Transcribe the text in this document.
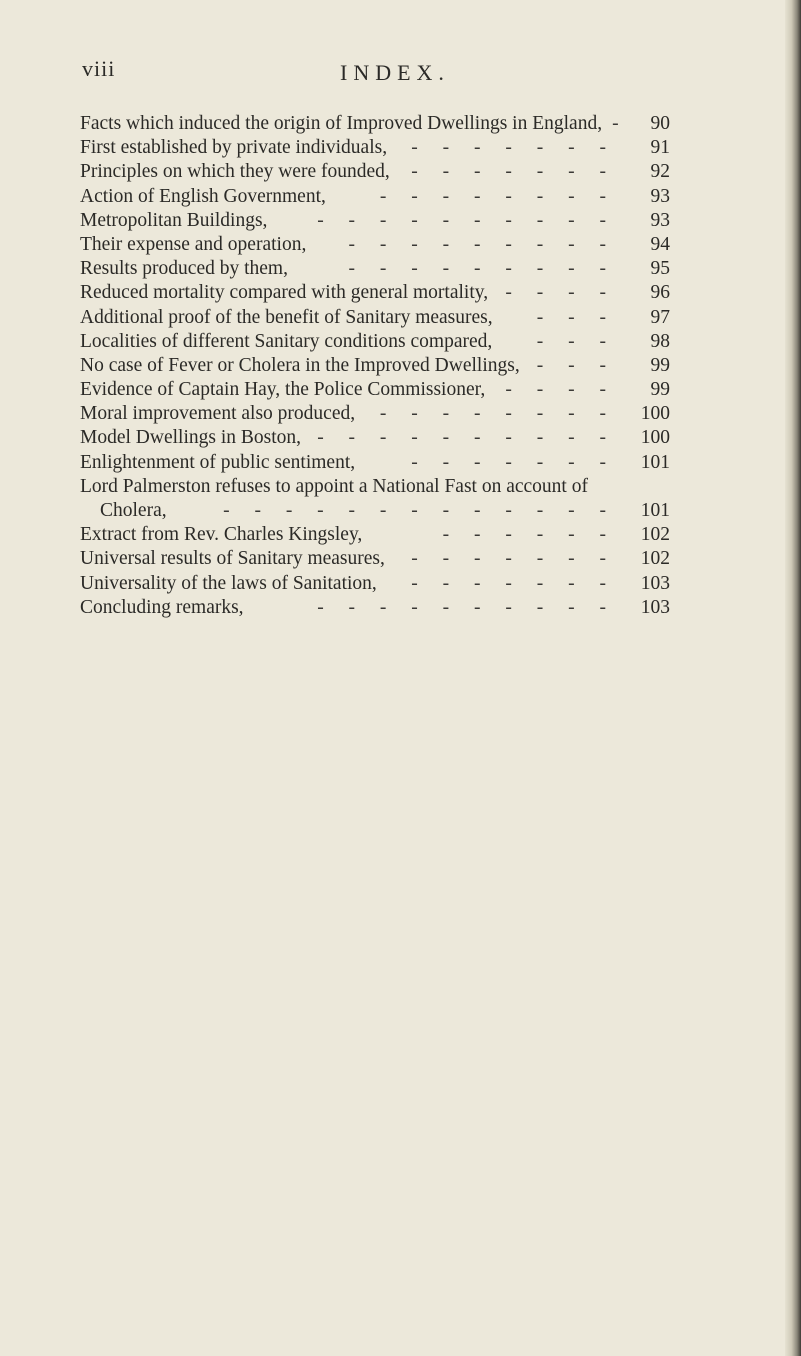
viii	INDEX.
Facts which induced the origin of Improved Dwellings in England, -	90
First established by private individuals,	- - - - - - -	91
Principles on which they were founded,	- - - - - - -	92
Action of English Government,	- - - - - - - -	93
Metropolitan Buildings,	- - - - - - - - - -	93
Their expense and operation,	- - - - - - - - -	94
Results produced by them,	- - - - - - - - -	95
Reduced mortality compared with general mortality, - - - -	96
Additional proof of the benefit of Sanitary measures,	- - -	97
Localities of different Sanitary conditions compared,	- - -	98
No case of Fever or Cholera in the Improved Dwellings, - - -	99
Evidence of Captain Hay, the Police Commissioner,	- - - -	99
Moral improvement also produced,	- - - - - - - -	100
Model Dwellings in Boston, - - - - - - - - - -	100
Enlightenment of public sentiment,	- - - - - - -	101
Lord Palmerston refuses to appoint a National Fast on account of
Cholera,	- - - - - - - - - - - - -	101
Extract from Rev. Charles Kingsley,	- - - - - -	102
Universal results of Sanitary measures,	- - - - - - -	102
Universality of the laws of Sanitation,	- - - - - - -	103
Concluding remarks,	- - - - - - - - - -	103
